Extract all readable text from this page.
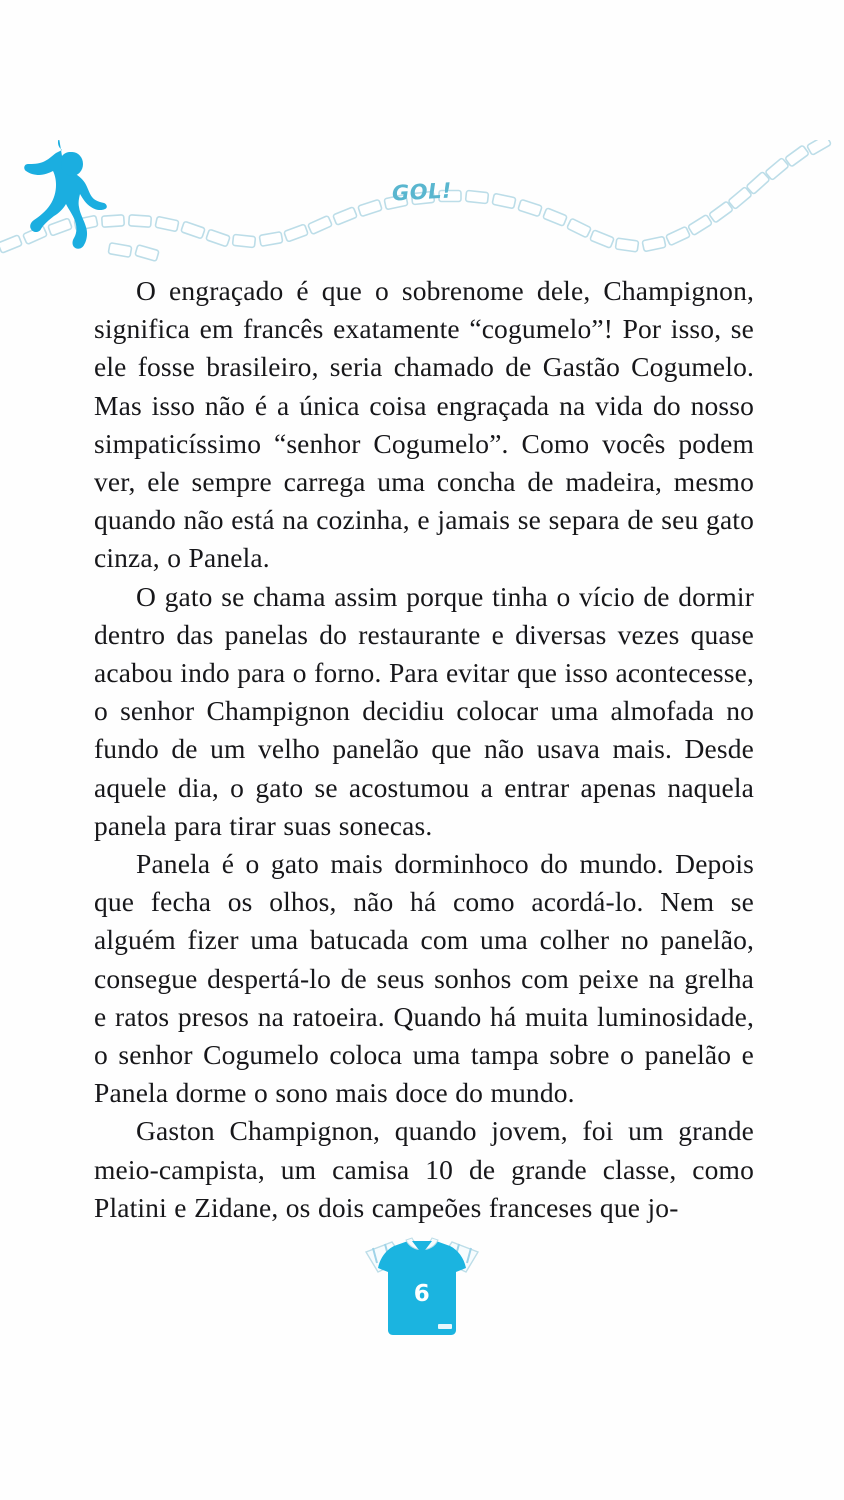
GOL!

O engraçado é que o sobrenome dele, Champignon, significa em francês exatamente “cogumelo”! Por isso, se ele fosse brasileiro, seria chamado de Gastão Cogumelo. Mas isso não é a única coisa engraçada na vida do nosso simpaticíssimo “senhor Cogumelo”. Como vocês podem ver, ele sempre carrega uma concha de madeira, mesmo quando não está na cozinha, e jamais se separa de seu gato cinza, o Panela.

O gato se chama assim porque tinha o vício de dormir dentro das panelas do restaurante e diversas vezes quase acabou indo para o forno. Para evitar que isso acontecesse, o senhor Champignon decidiu colocar uma almofada no fundo de um velho panelão que não usava mais. Desde aquele dia, o gato se acostumou a entrar apenas naquela panela para tirar suas sonecas.

Panela é o gato mais dorminhoco do mundo. Depois que fecha os olhos, não há como acordá-lo. Nem se alguém fizer uma batucada com uma colher no panelão, consegue despertá-lo de seus sonhos com peixe na grelha e ratos presos na ratoeira. Quando há muita luminosidade, o senhor Cogumelo coloca uma tampa sobre o panelão e Panela dorme o sono mais doce do mundo.

Gaston Champignon, quando jovem, foi um grande meio-campista, um camisa 10 de grande classe, como Platini e Zidane, os dois campeões franceses que jo-

6
